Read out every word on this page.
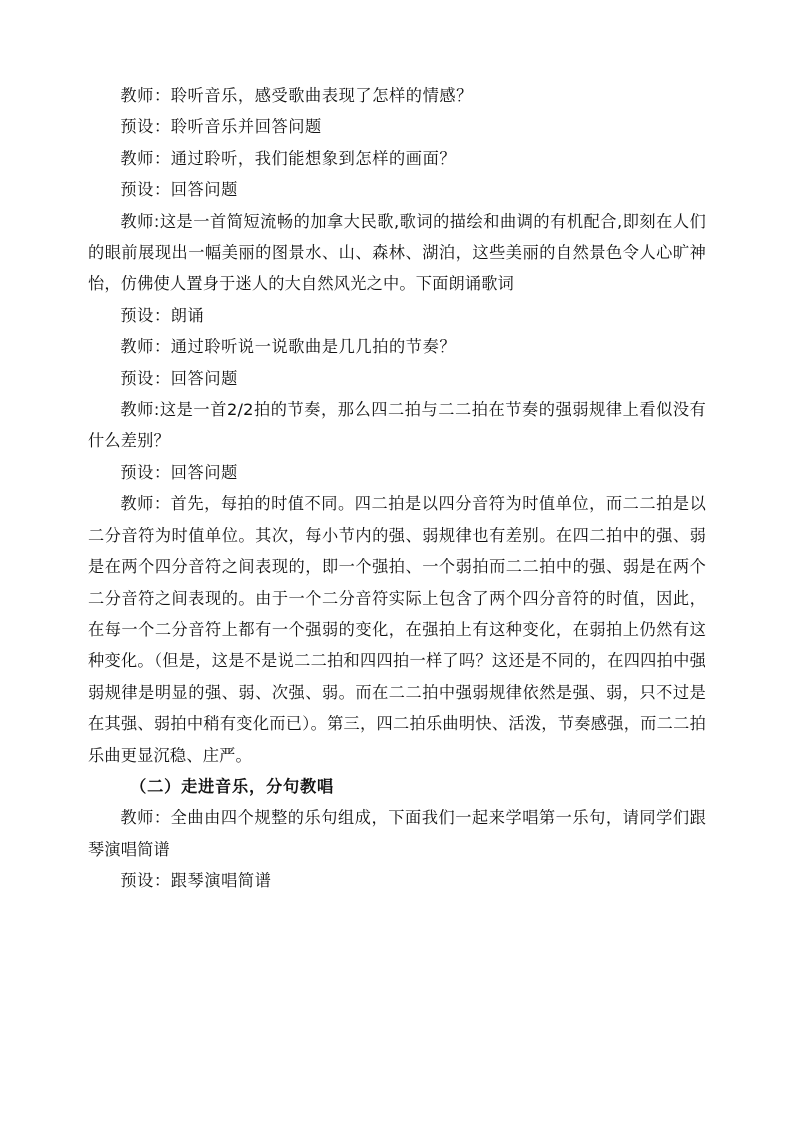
教师：聆听音乐，感受歌曲表现了怎样的情感？

预设：聆听音乐并回答问题

教师：通过聆听，我们能想象到怎样的画面？

预设：回答问题

教师:这是一首简短流畅的加拿大民歌,歌词的描绘和曲调的有机配合,即刻在人们的眼前展现出一幅美丽的图景水、山、森林、湖泊，这些美丽的自然景色令人心旷神怡，仿佛使人置身于迷人的大自然风光之中。下面朗诵歌词

预设：朗诵

教师：通过聆听说一说歌曲是几几拍的节奏？

预设：回答问题

教师:这是一首2/2拍的节奏，那么四二拍与二二拍在节奏的强弱规律上看似没有什么差别？

预设：回答问题

教师：首先，每拍的时值不同。四二拍是以四分音符为时值单位，而二二拍是以二分音符为时值单位。其次，每小节内的强、弱规律也有差别。在四二拍中的强、弱是在两个四分音符之间表现的，即一个强拍、一个弱拍而二二拍中的强、弱是在两个二分音符之间表现的。由于一个二分音符实际上包含了两个四分音符的时值，因此，在每一个二分音符上都有一个强弱的变化，在强拍上有这种变化，在弱拍上仍然有这种变化。（但是，这是不是说二二拍和四四拍一样了吗？这还是不同的，在四四拍中强弱规律是明显的强、弱、次强、弱。而在二二拍中强弱规律依然是强、弱，只不过是在其强、弱拍中稍有变化而已）。第三，四二拍乐曲明快、活泼，节奏感强，而二二拍乐曲更显沉稳、庄严。

（二）走进音乐，分句教唱

教师：全曲由四个规整的乐句组成，下面我们一起来学唱第一乐句，请同学们跟琴演唱简谱

预设：跟琴演唱简谱
